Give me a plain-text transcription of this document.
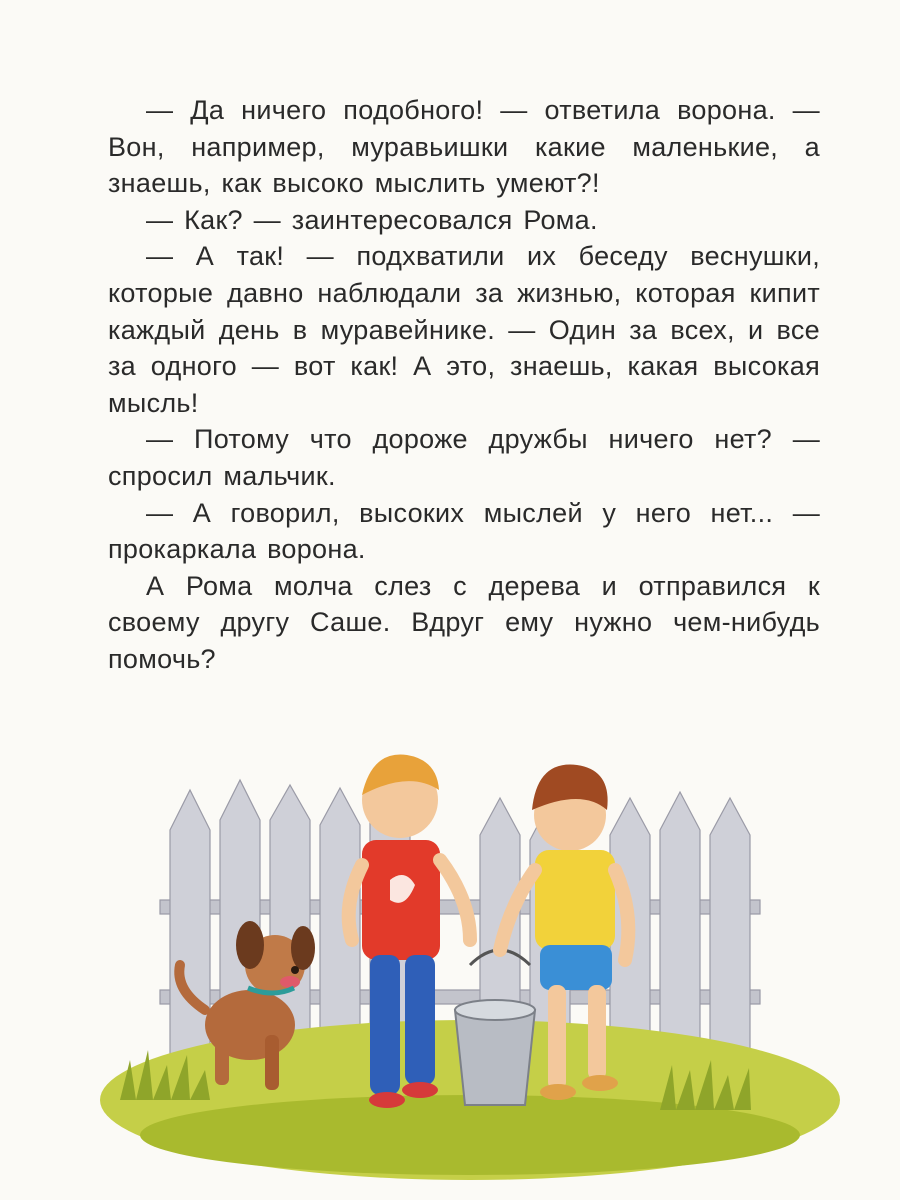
— Да ничего подобного! — ответила ворона. — Вон, например, муравьишки какие маленькие, а знаешь, как высоко мыслить умеют?!

— Как? — заинтересовался Рома.

— А так! — подхватили их беседу веснушки, которые давно наблюдали за жизнью, которая кипит каждый день в муравейнике. — Один за всех, и все за одного — вот как! А это, знаешь, какая высокая мысль!

— Потому что дороже дружбы ничего нет? — спросил мальчик.

— А говорил, высоких мыслей у него нет... — прокаркала ворона.

А Рома молча слез с дерева и отправился к своему другу Саше. Вдруг ему нужно чем-нибудь помочь?
